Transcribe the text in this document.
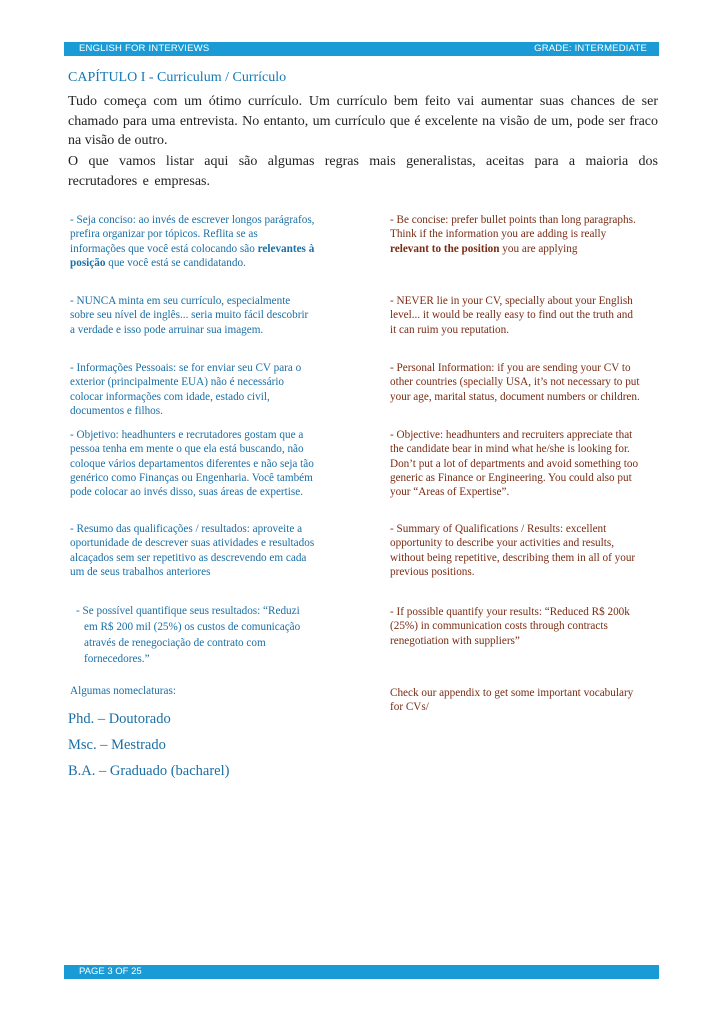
ENGLISH FOR INTERVIEWS	GRADE: INTERMEDIATE
CAPÍTULO I - Curriculum / Currículo

Tudo começa com um ótimo currículo. Um currículo bem feito vai aumentar suas chances de ser chamado para uma entrevista. No entanto, um currículo que é excelente na visão de um, pode ser fraco na visão de outro.

O que vamos listar aqui são algumas regras mais generalistas, aceitas para a maioria dos recrutadores e empresas.

- Seja conciso: ao invés de escrever longos parágrafos, prefira organizar por tópicos. Reflita se as informações que você está colocando são relevantes à posição que você está se candidatando.

- Be concise: prefer bullet points than long paragraphs. Think if the information you are adding is really relevant to the position you are applying

- NUNCA minta em seu currículo, especialmente sobre seu nível de inglês... seria muito fácil descobrir a verdade e isso pode arruinar sua imagem.

- NEVER lie in your CV, specially about your English level... it would be really easy to find out the truth and it can ruim you reputation.

- Informações Pessoais: se for enviar seu CV para o exterior (principalmente EUA) não é necessário colocar informações com idade, estado civil, documentos e filhos.

- Personal Information: if you are sending your CV to other countries (specially USA, it’s not necessary to put your age, marital status, document numbers or children.

- Objetivo: headhunters e recrutadores gostam que a pessoa tenha em mente o que ela está buscando, não coloque vários departamentos diferentes e não seja tão genérico como Finanças ou Engenharia. Você também pode colocar ao invés disso, suas áreas de expertise.

- Objective: headhunters and recruiters appreciate that the candidate bear in mind what he/she is looking for. Don’t put a lot of departments and avoid something too generic as Finance or Engineering. You could also put your “Areas of Expertise”.

- Resumo das qualificações / resultados: aproveite a oportunidade de descrever suas atividades e resultados alcaçados sem ser repetitivo as descrevendo em cada um de seus trabalhos anteriores

- Summary of Qualifications / Results: excellent opportunity to describe your activities and results, without being repetitive, describing them in all of your previous positions.

- Se possível quantifique seus resultados: “Reduzi em R$ 200 mil (25%) os custos de comunicação através de renegociação de contrato com fornecedores.”

- If possible quantify your results: “Reduced R$ 200k (25%) in communication costs through contracts renegotiation with suppliers”

Algumas nomeclaturas:	Check our appendix to get some important vocabulary for CVs/

Phd. – Doutorado
Msc. – Mestrado
B.A. – Graduado (bacharel)
PAGE 3 OF 25
